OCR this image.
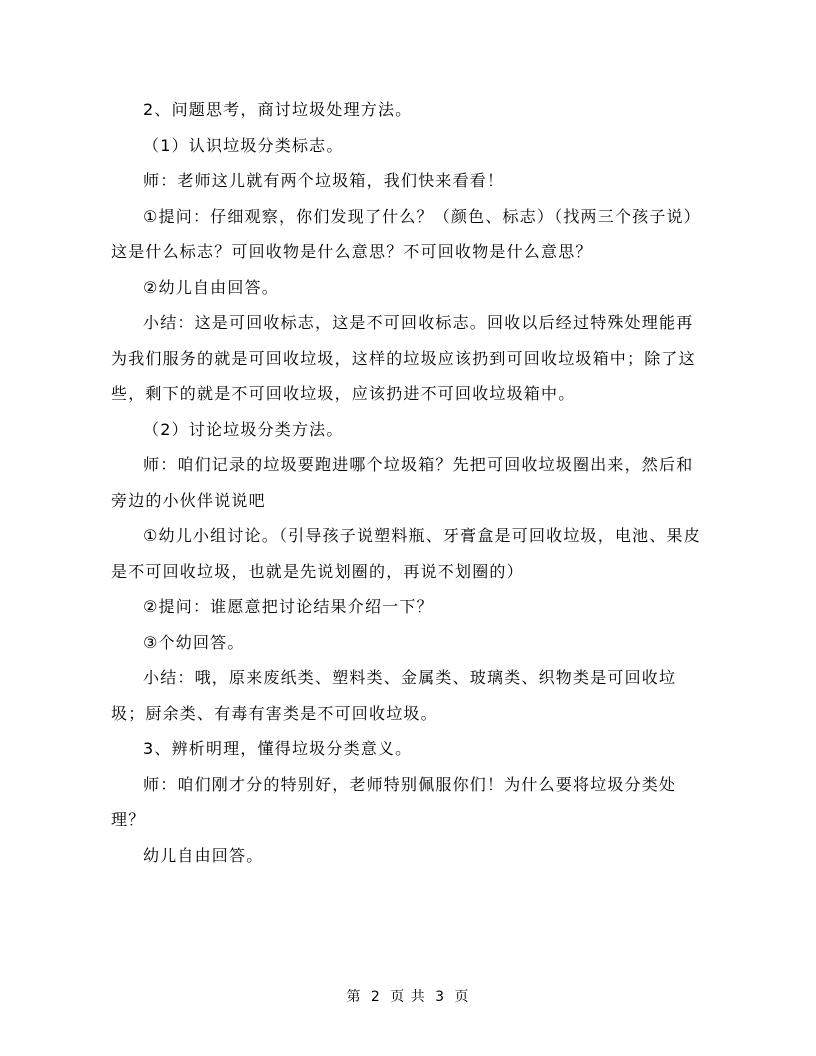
2、问题思考，商讨垃圾处理方法。

（1）认识垃圾分类标志。

师：老师这儿就有两个垃圾箱，我们快来看看！

①提问：仔细观察，你们发现了什么？（颜色、标志）（找两三个孩子说）这是什么标志？可回收物是什么意思？不可回收物是什么意思？

②幼儿自由回答。

小结：这是可回收标志，这是不可回收标志。回收以后经过特殊处理能再为我们服务的就是可回收垃圾，这样的垃圾应该扔到可回收垃圾箱中；除了这些，剩下的就是不可回收垃圾，应该扔进不可回收垃圾箱中。

（2）讨论垃圾分类方法。

师：咱们记录的垃圾要跑进哪个垃圾箱？先把可回收垃圾圈出来，然后和旁边的小伙伴说说吧

①幼儿小组讨论。（引导孩子说塑料瓶、牙膏盒是可回收垃圾，电池、果皮是不可回收垃圾，也就是先说划圈的，再说不划圈的）

②提问：谁愿意把讨论结果介绍一下？

③个幼回答。

小结：哦，原来废纸类、塑料类、金属类、玻璃类、织物类是可回收垃圾；厨余类、有毒有害类是不可回收垃圾。

3、辨析明理，懂得垃圾分类意义。

师：咱们刚才分的特别好，老师特别佩服你们！为什么要将垃圾分类处理？

幼儿自由回答。

第 2 页 共 3 页
